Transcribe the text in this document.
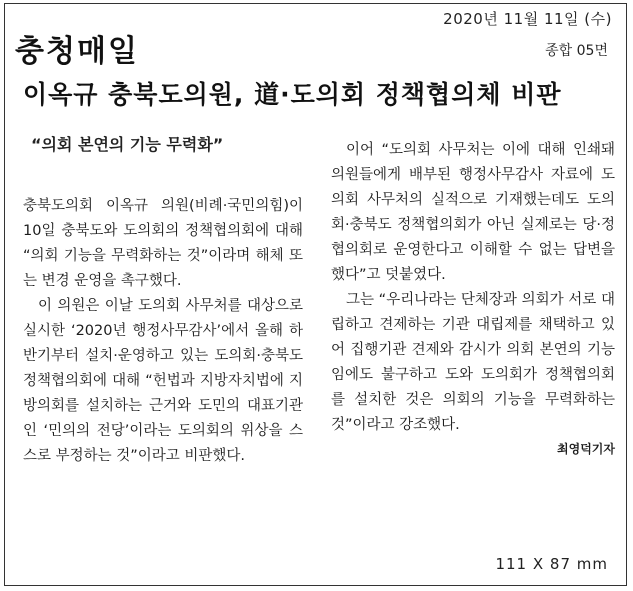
2020년 11월 11일 (수)
충청매일	종합 05면
이옥규 충북도의원, 道·도의회 정책협의체 비판
“의회 본연의 기능 무력화”

충북도의회 이옥규 의원(비례·국민의힘)이 10일 충북도와 도의회의 정책협의회에 대해 “의회 기능을 무력화하는 것”이라며 해체 또는 변경 운영을 촉구했다.

이 의원은 이날 도의회 사무처를 대상으로 실시한 ‘2020년 행정사무감사’에서 올해 하반기부터 설치·운영하고 있는 도의회·충북도 정책협의회에 대해 “헌법과 지방자치법에 지방의회를 설치하는 근거와 도민의 대표기관인 ‘민의의 전당’이라는 도의회의 위상을 스스로 부정하는 것”이라고 비판했다.

이어 “도의회 사무처는 이에 대해 인쇄돼 의원들에게 배부된 행정사무감사 자료에 도의회 사무처의 실적으로 기재했는데도 도의회·충북도 정책협의회가 아닌 실제로는 당·정 협의회로 운영한다고 이해할 수 없는 답변을 했다”고 덧붙였다.

그는 “우리나라는 단체장과 의회가 서로 대립하고 견제하는 기관 대립제를 채택하고 있어 집행기관 견제와 감시가 의회 본연의 기능임에도 불구하고 도와 도의회가 정책협의회를 설치한 것은 의회의 기능을 무력화하는 것”이라고 강조했다.

최영덕기자
111 X 87 mm
